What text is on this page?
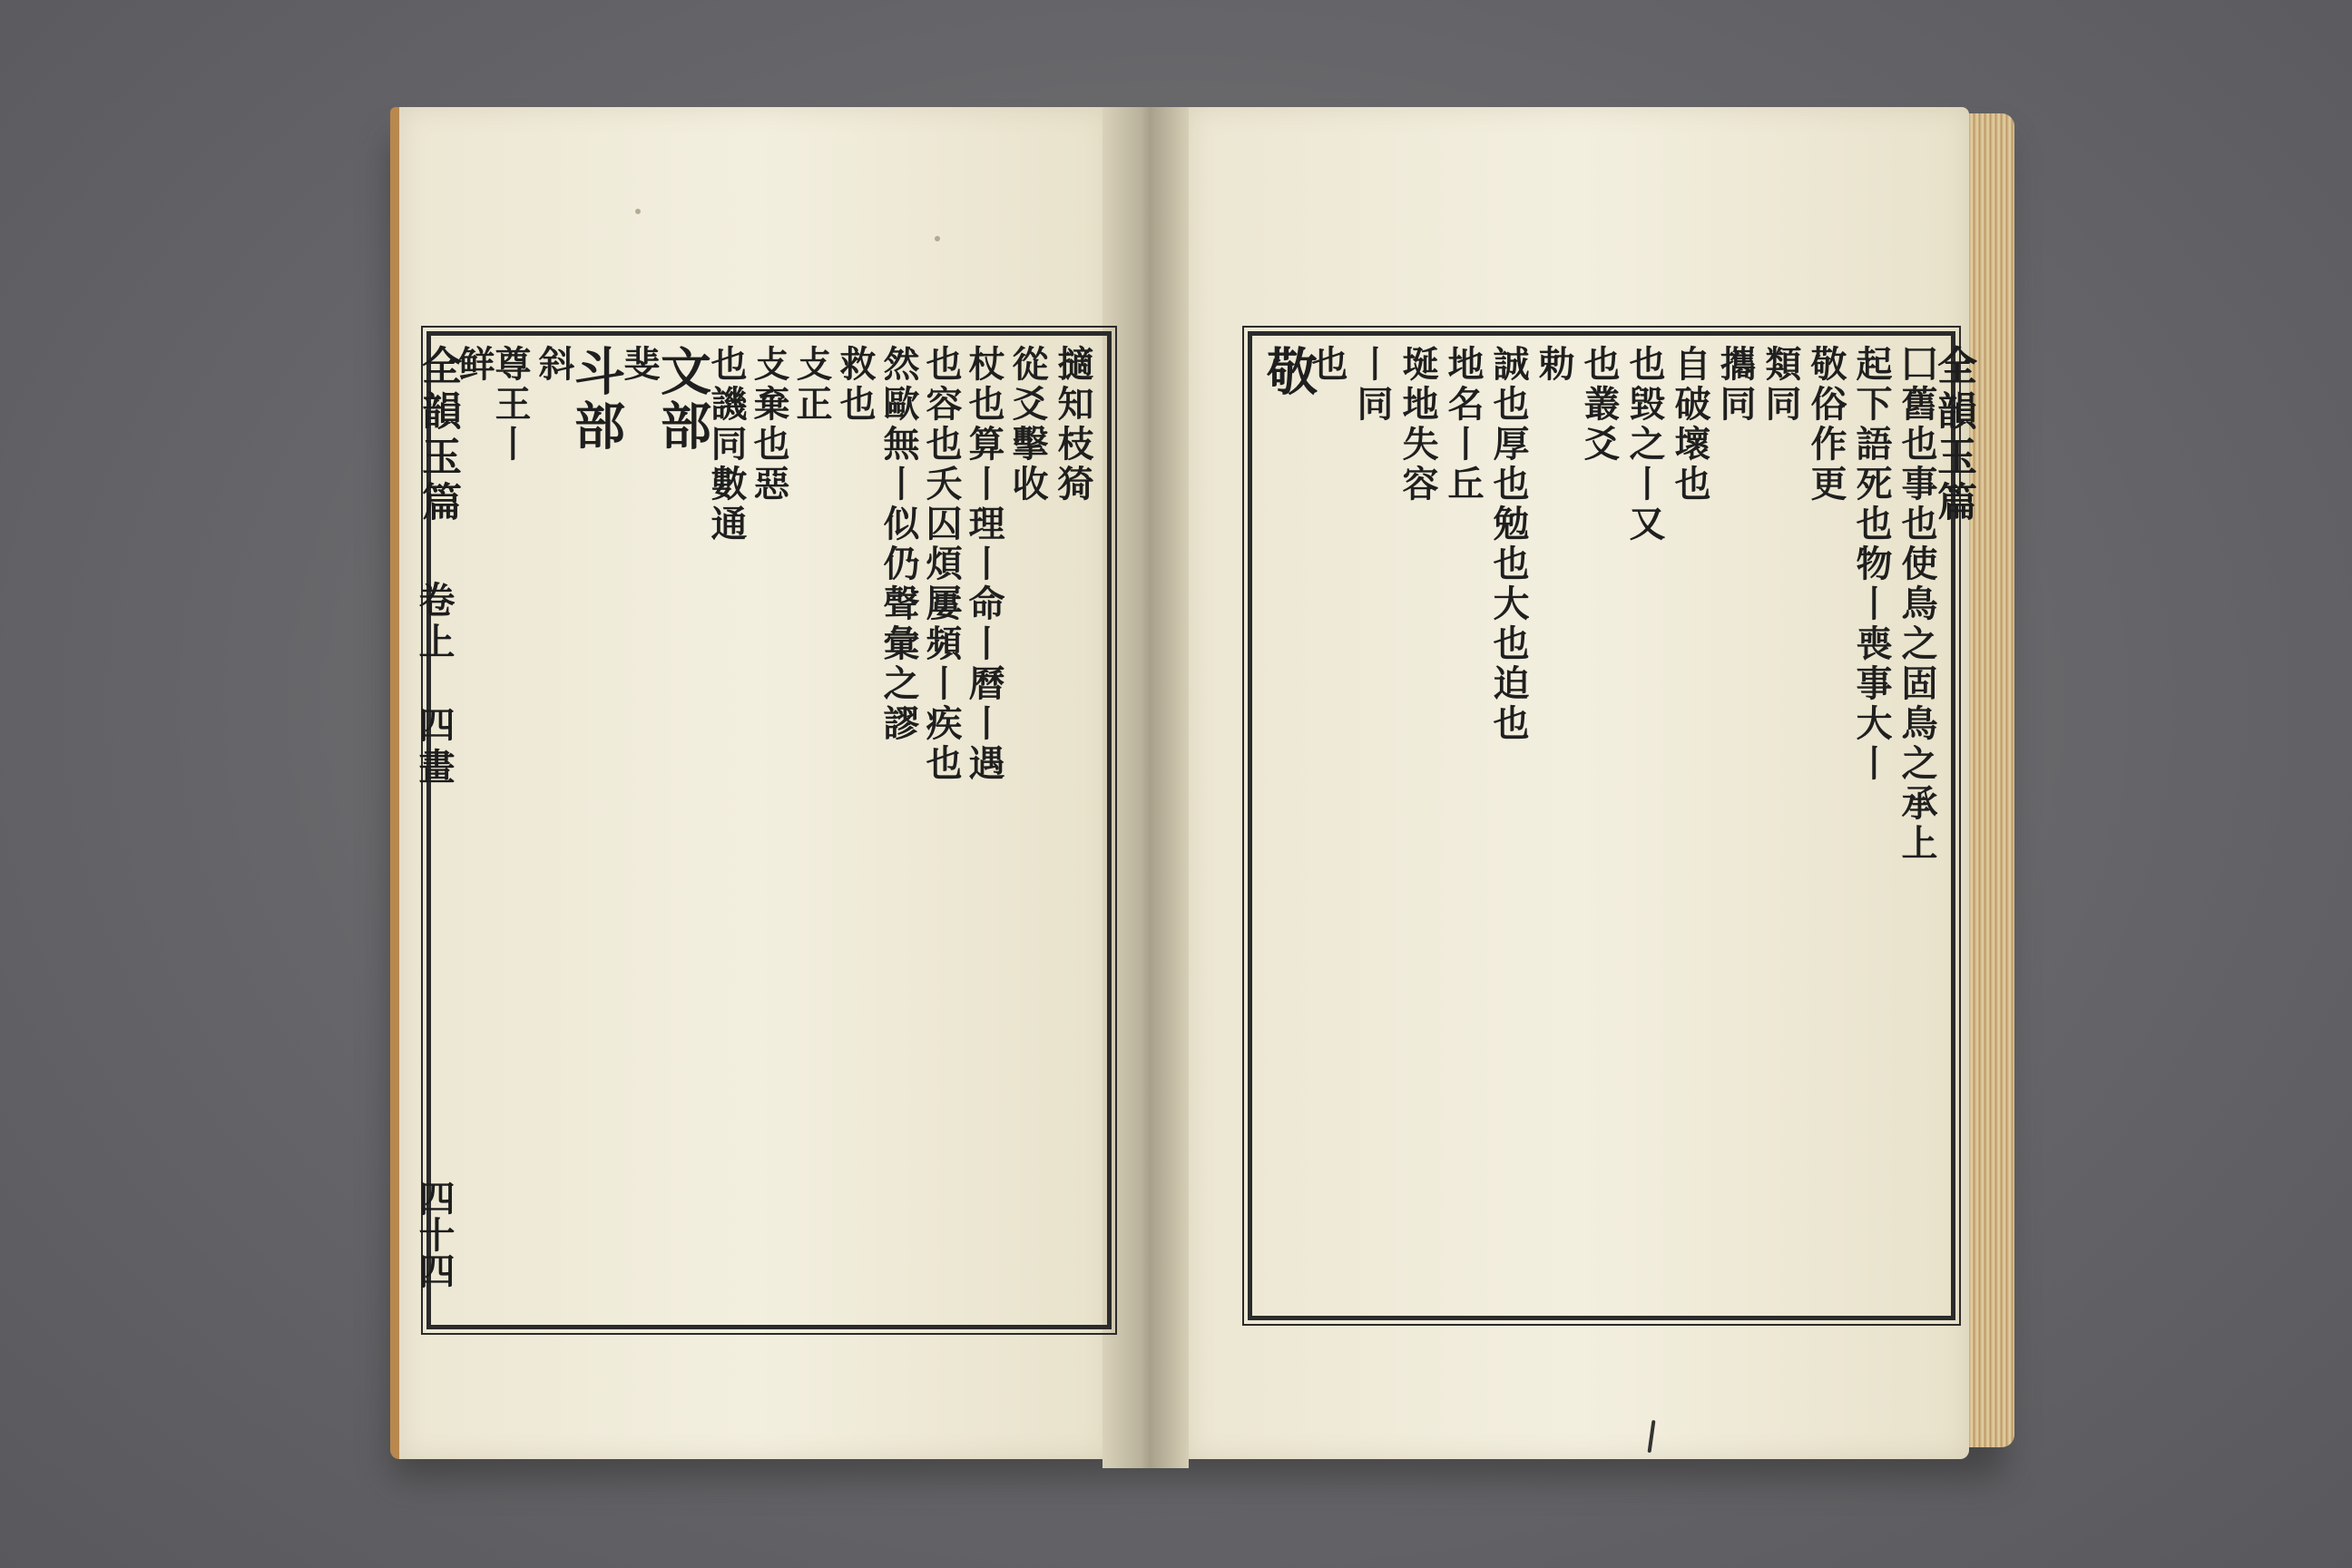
全韻玉篇
卷上　四畫
四十四
擿知枝猗
從爻擊收
杖也算丨理丨命丨曆丨遇
也容也夭囚煩屢頻丨疾也
然歐無丨似仍聲彙之謬
救也
攴正
攴棄也惡
也譏同數通
文部
斐
斗部
斜
尊王丨
鲜	全韻玉篇
囗舊也事也使鳥之固鳥之承上
起下語死也物丨喪事大丨
敬俗作更
類同
攜同
自破壞也
也毀之丨又
也叢爻
勅
誠也厚也勉也大也迫也
地名丨丘
埏地失容
丨同
也
敬
